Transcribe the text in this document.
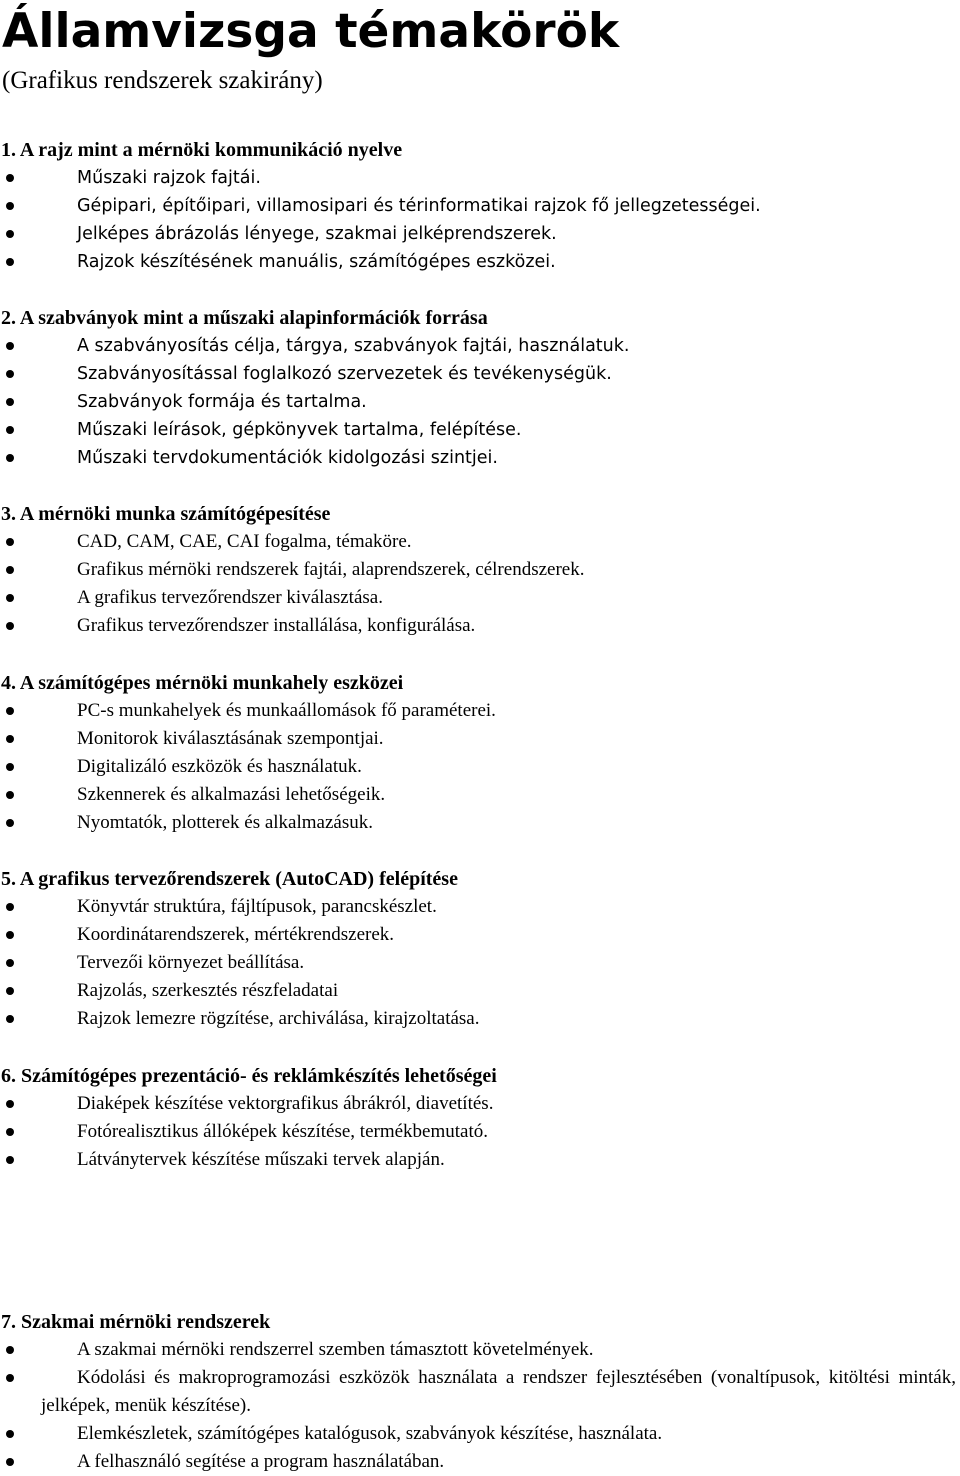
Államvizsga témakörök
(Grafikus rendszerek szakirány)
1. A rajz mint a mérnöki kommunikáció nyelve
Műszaki rajzok fajtái.
Gépipari, építőipari, villamosipari és térinformatikai rajzok fő jellegzetességei.
Jelképes ábrázolás lényege, szakmai jelképrendszerek.
Rajzok készítésének manuális, számítógépes eszközei.
2. A szabványok mint a műszaki alapinformációk forrása
A szabványosítás célja, tárgya, szabványok fajtái, használatuk.
Szabványosítással foglalkozó szervezetek és tevékenységük.
Szabványok formája és tartalma.
Műszaki leírások, gépkönyvek tartalma, felépítése.
Műszaki tervdokumentációk kidolgozási szintjei.
3. A mérnöki munka számítógépesítése
CAD, CAM, CAE, CAI fogalma, témaköre.
Grafikus mérnöki rendszerek fajtái, alaprendszerek, célrendszerek.
A grafikus tervezőrendszer kiválasztása.
Grafikus tervezőrendszer installálása, konfigurálása.
4. A számítógépes mérnöki munkahely eszközei
PC-s munkahelyek és munkaállomások fő paraméterei.
Monitorok kiválasztásának szempontjai.
Digitalizáló eszközök és használatuk.
Szkennerek és alkalmazási lehetőségeik.
Nyomtatók, plotterek és alkalmazásuk.
5. A grafikus tervezőrendszerek (AutoCAD) felépítése
Könyvtár struktúra, fájltípusok, parancskészlet.
Koordinátarendszerek, mértékrendszerek.
Tervezői környezet beállítása.
Rajzolás, szerkesztés részfeladatai
Rajzok lemezre rögzítése, archiválása, kirajzoltatása.
6. Számítógépes prezentáció- és reklámkészítés lehetőségei
Diaképek készítése vektorgrafikus ábrákról, diavetítés.
Fotórealisztikus állóképek készítése, termékbemutató.
Látványtervek készítése műszaki tervek alapján.
7. Szakmai mérnöki rendszerek
A szakmai mérnöki rendszerrel szemben támasztott követelmények.
Kódolási és makroprogramozási eszközök használata a rendszer fejlesztésében (vonaltípusok, kitöltési minták, jelképek, menük készítése).
Elemkészletek, számítógépes katalógusok, szabványok készítése, használata.
A felhasználó segítése a program használatában.
